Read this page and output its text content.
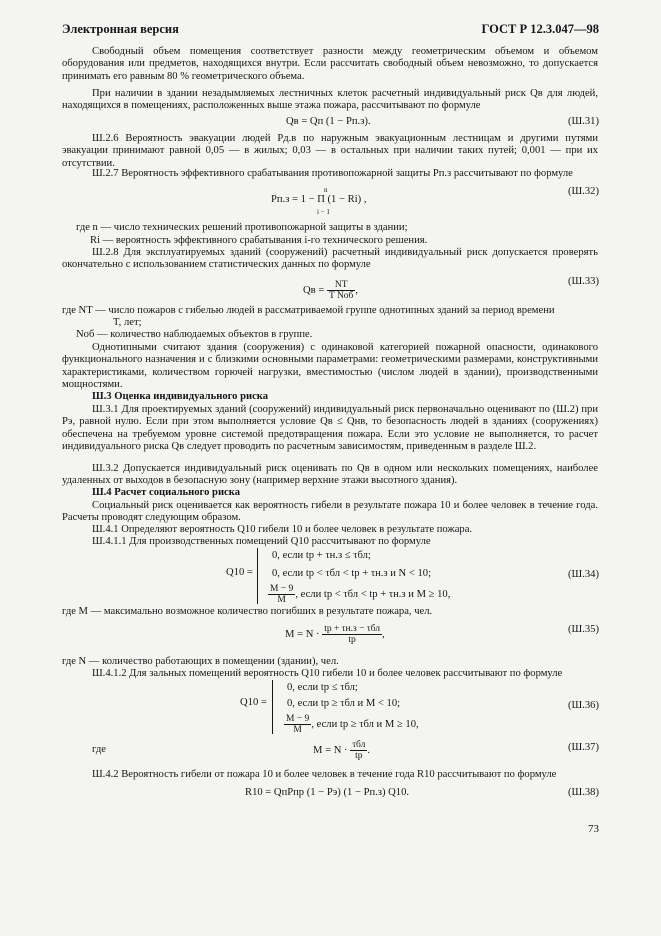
Электронная версия	ГОСТ Р 12.3.047—98
Свободный объем помещения соответствует разности между геометрическим объемом и объемом оборудования или предметов, находящихся внутри. Если рассчитать свободный объем невозможно, то допускается принимать его равным 80 % геометрического объема.
При наличии в здании незадымляемых лестничных клеток расчетный индивидуальный риск Qв для людей, находящихся в помещениях, расположенных выше этажа пожара, рассчитывают по формуле
Qв = Qп (1 − Pп.з).	(Ш.31)
Ш.2.6 Вероятность эвакуации людей Pд.в по наружным эвакуационным лестницам и другими путями эвакуации принимают равной 0,05 — в жилых; 0,03 — в остальных при наличии таких путей; 0,001 — при их отсутствии.
Ш.2.7 Вероятность эффективного срабатывания противопожарной защиты Pп.з рассчитывают по формуле
n
Pп.з = 1 − Π (1 − Ri) ,
i − 1
(Ш.32)
где n — число технических решений противопожарной защиты в здании;
Ri — вероятность эффективного срабатывания i-го технического решения.
Ш.2.8 Для эксплуатируемых зданий (сооружений) расчетный индивидуальный риск допускается проверять окончательно с использованием статистических данных по формуле
Qв = $\frac{NT}{\text{T Nоб}}$ ,
(Ш.33)
где NT — число пожаров с гибелью людей в рассматриваемой группе однотипных зданий за период времени
T, лет;
Nоб — количество наблюдаемых объектов в группе.
Однотипными считают здания (сооружения) с одинаковой категорией пожарной опасности, одинакового функционального назначения и с близкими основными параметрами: геометрическими размерами, конструктивными характеристиками, количеством горючей нагрузки, вместимостью (числом людей в здании), производственными мощностями.
Ш.3 Оценка индивидуального риска
Ш.3.1 Для проектируемых зданий (сооружений) индивидуальный риск первоначально оценивают по (Ш.2) при Pэ, равной нулю. Если при этом выполняется условие Qв ≤ Qнв, то безопасность людей в зданиях (сооружениях) обеспечена на требуемом уровне системой предотвращения пожара. Если это условие не выполняется, то расчет индивидуального риска Qв следует проводить по расчетным зависимостям, приведенным в разделе Ш.2.
Ш.3.2 Допускается индивидуальный риск оценивать по Qв в одном или нескольких помещениях, наиболее удаленных от выходов в безопасную зону (например верхние этажи высотного здания).
Ш.4 Расчет социального риска
Социальный риск оценивается как вероятность гибели в результате пожара 10 и более человек в течение года. Расчеты проводят следующим образом.
Ш.4.1 Определяют вероятность Q10 гибели 10 и более человек в результате пожара.
Ш.4.1.1 Для производственных помещений Q10 рассчитывают по формуле
Q10 =
0, если tр + τн.з ≤ τбл;
0, если tр < τбл < tр + τн.з и N < 10;
$\frac{M - 9}{M}$ , если tр < τбл < tр + τн.з и M ≥ 10,
(Ш.34)
где M — максимально возможное количество погибших в результате пожара, чел.
$M = N \cdot \frac{\text{tр + τн.з − τбл}}{tр}$ ,	(Ш.35)
где N — количество работающих в помещении (здании), чел.
Ш.4.1.2 Для зальных помещений вероятность Q10 гибели 10 и более человек рассчитывают по формуле
Q10 =
0, если tр ≤ τбл;
0, если tр ≥ τбл и M < 10;
$\frac{M - 9}{M}$ , если tр ≥ τбл и M ≥ 10,
(Ш.36)
где	$M = N \cdot \frac{\text{τбл}}{tр}$ .	(Ш.37)
Ш.4.2 Вероятность гибели от пожара 10 и более человек в течение года R10 рассчитывают по формуле
R10 = QпPпр (1 − Pэ) (1 − Pп.з) Q10.	(Ш.38)
73
